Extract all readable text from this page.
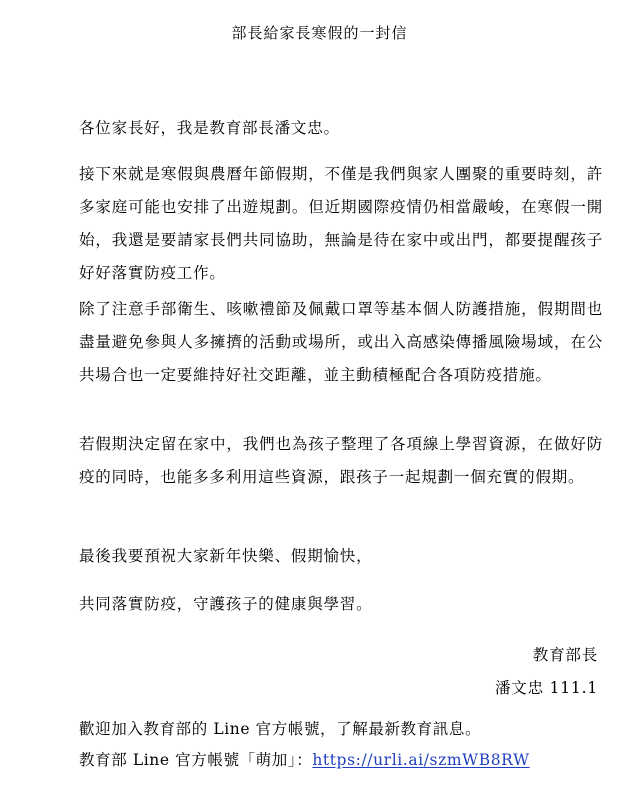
部長給家長寒假的一封信

各位家長好，我是教育部長潘文忠。

接下來就是寒假與農曆年節假期，不僅是我們與家人團聚的重要時刻，許多家庭可能也安排了出遊規劃。但近期國際疫情仍相當嚴峻，在寒假一開始，我還是要請家長們共同協助，無論是待在家中或出門，都要提醒孩子好好落實防疫工作。

除了注意手部衛生、咳嗽禮節及佩戴口罩等基本個人防護措施，假期間也盡量避免參與人多擁擠的活動或場所，或出入高感染傳播風險場域，在公共場合也一定要維持好社交距離，並主動積極配合各項防疫措施。

若假期決定留在家中，我們也為孩子整理了各項線上學習資源，在做好防疫的同時，也能多多利用這些資源，跟孩子一起規劃一個充實的假期。

最後我要預祝大家新年快樂、假期愉快，

共同落實防疫，守護孩子的健康與學習。

教育部長
潘文忠 111.1
歡迎加入教育部的 Line 官方帳號，了解最新教育訊息。
教育部 Line 官方帳號「萌加」：https://urli.ai/szmWB8RW
